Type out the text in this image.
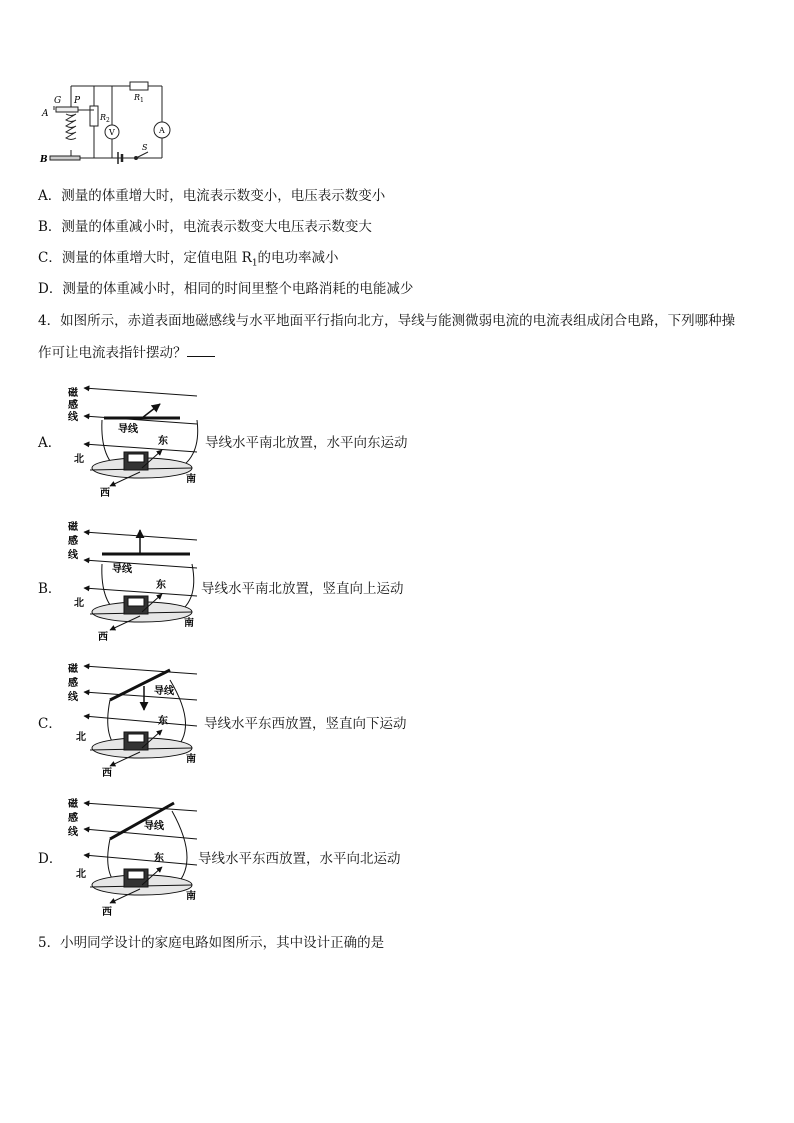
G P
A
B
R 2
R 1
V	A
S
A．测量的体重增大时，电流表示数变小，电压表示数变小
B．测量的体重减小时，电流表示数变大电压表示数变大
C．测量的体重增大时，定值电阻 $R_1$的电功率减小
D．测量的体重减小时，相同的时间里整个电路消耗的电能减少
4．如图所示，赤道表面地磁感线与水平地面平行指向北方，导线与能测微弱电流的电流表组成闭合电路，下列哪种操
作可让电流表指针摆动？
磁
感
线
导线
东
北
南
西
A．	导线水平南北放置，水平向东运动
磁
感
线
导线
东
北
南
西
B．	导线水平南北放置，竖直向上运动
磁
感
线
导线
东
北
南
西
C．	导线水平东西放置，竖直向下运动
磁
感
线
导线
东
北
南
西
D．	导线水平东西放置，水平向北运动
5．小明同学设计的家庭电路如图所示，其中设计正确的是
